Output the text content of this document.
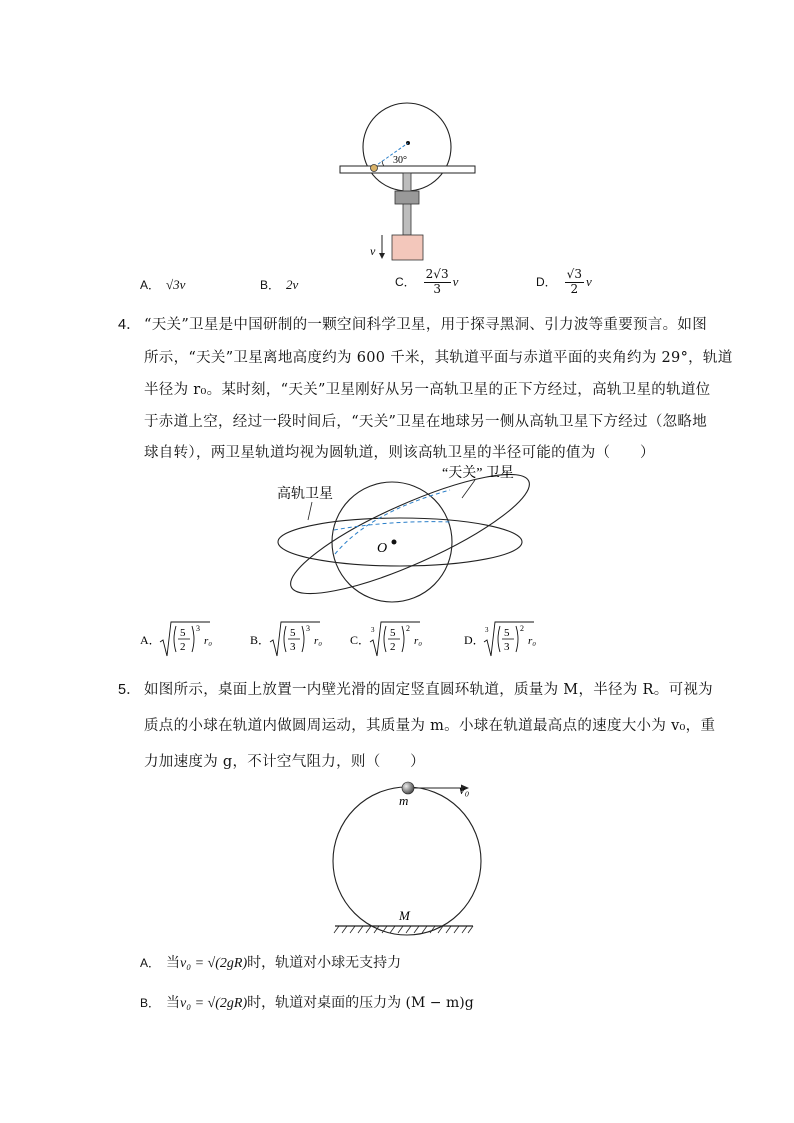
30°
v
A． √3v	B． 2v	C． $\frac{2√3}{3}$ v	D． $\frac{√3}{2}$ v
4． “天关”卫星是中国研制的一颗空间科学卫星，用于探寻黑洞、引力波等重要预言。如图
所示，“天关”卫星离地高度约为 600 千米，其轨道平面与赤道平面的夹角约为 29°，轨道
半径为 r₀。某时刻，“天关”卫星刚好从另一高轨卫星的正下方经过，高轨卫星的轨道位
于赤道上空，经过一段时间后，“天关”卫星在地球另一侧从高轨卫星下方经过（忽略地
球自转），两卫星轨道均视为圆轨道，则该高轨卫星的半径可能的值为（　　）
O
高轨卫星
“天关” 卫星
A． 5
2
3
r₀	B． 5
3
3
r₀ C．
3 5
2
2
r₀	D．
3 5
3
2
r₀
5． 如图所示，桌面上放置一内壁光滑的固定竖直圆环轨道，质量为 M，半径为 R。可视为
质点的小球在轨道内做圆周运动，其质量为 m。小球在轨道最高点的速度大小为 v₀，重
力加速度为 g，不计空气阻力，则（　　）
m
v₀
M
A． 当v₀ = √(2gR)时，轨道对小球无支持力
B． 当v₀ = √(2gR)时，轨道对桌面的压力为 (M − m)g
